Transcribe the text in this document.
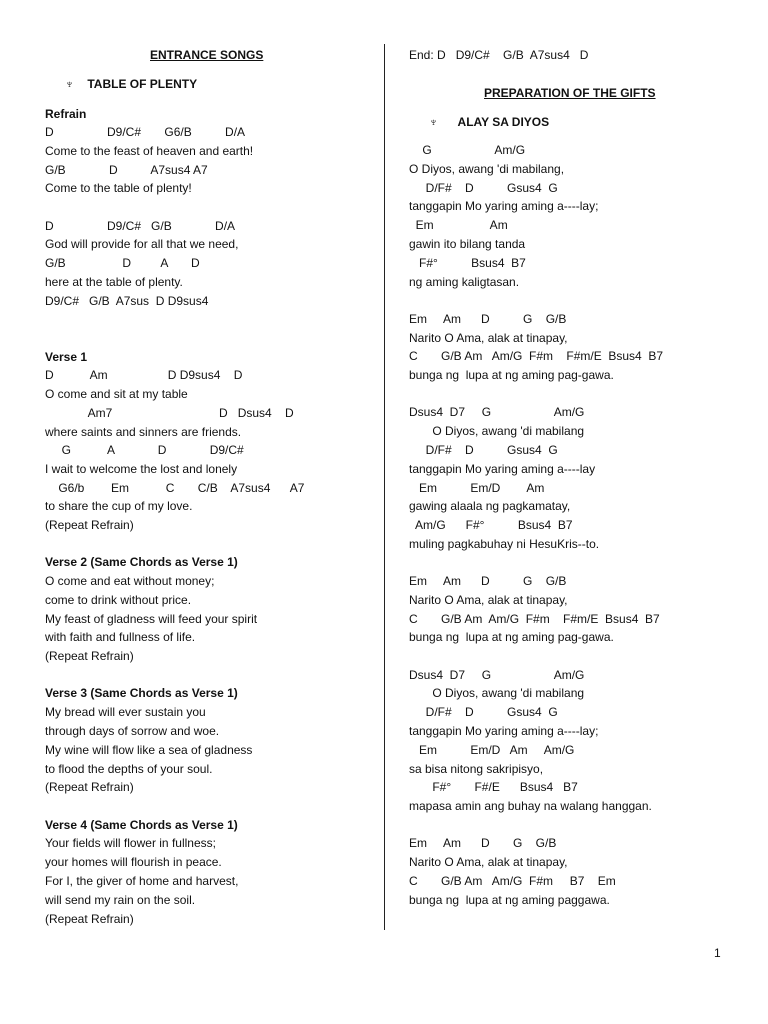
ENTRANCE SONGS
♆    TABLE OF PLENTY
Refrain
D                D9/C#       G6/B          D/A
Come to the feast of heaven and earth!
G/B             D          A7sus4 A7
Come to the table of plenty!
D                D9/C#   G/B             D/A
God will provide for all that we need,
G/B                 D         A       D
here at the table of plenty.
D9/C#   G/B  A7sus  D D9sus4
Verse 1
D           Am                  D D9sus4    D
O come and sit at my table
Am7                                D   Dsus4    D
where saints and sinners are friends.
G           A             D             D9/C#
I wait to welcome the lost and lonely
G6/b        Em           C       C/B    A7sus4      A7
to share the cup of my love.
(Repeat Refrain)
Verse 2 (Same Chords as Verse 1)
O come and eat without money;
come to drink without price.
My feast of gladness will feed your spirit
with faith and fullness of life.
(Repeat Refrain)
Verse 3 (Same Chords as Verse 1)
My bread will ever sustain you
through days of sorrow and woe.
My wine will flow like a sea of gladness
to flood the depths of your soul.
(Repeat Refrain)
Verse 4 (Same Chords as Verse 1)
Your fields will flower in fullness;
your homes will flourish in peace.
For I, the giver of home and harvest,
will send my rain on the soil.
(Repeat Refrain)
End: D   D9/C#    G/B  A7sus4   D
PREPARATION OF THE GIFTS
♆      ALAY SA DIYOS
G                   Am/G
O Diyos, awang 'di mabilang,
D/F#    D          Gsus4  G
tanggapin Mo yaring aming a----lay;
Em                 Am
gawin ito bilang tanda
F#°          Bsus4  B7
ng aming kaligtasan.
Em     Am      D          G    G/B
Narito O Ama, alak at tinapay,
C       G/B Am   Am/G  F#m    F#m/E  Bsus4  B7
bunga ng  lupa at ng aming pag-gawa.
Dsus4  D7     G                   Am/G
O Diyos, awang 'di mabilang
D/F#    D          Gsus4  G
tanggapin Mo yaring aming a----lay
Em          Em/D        Am
gawing alaala ng pagkamatay,
Am/G      F#°          Bsus4  B7
muling pagkabuhay ni HesuKris--to.
Em     Am      D          G    G/B
Narito O Ama, alak at tinapay,
C       G/B Am  Am/G  F#m    F#m/E  Bsus4  B7
bunga ng  lupa at ng aming pag-gawa.
Dsus4  D7     G                   Am/G
O Diyos, awang 'di mabilang
D/F#    D          Gsus4  G
tanggapin Mo yaring aming a----lay;
Em          Em/D   Am     Am/G
sa bisa nitong sakripisyo,
F#°       F#/E      Bsus4   B7
mapasa amin ang buhay na walang hanggan.
Em     Am      D       G    G/B
Narito O Ama, alak at tinapay,
C       G/B Am   Am/G  F#m     B7    Em
bunga ng  lupa at ng aming paggawa.
1
